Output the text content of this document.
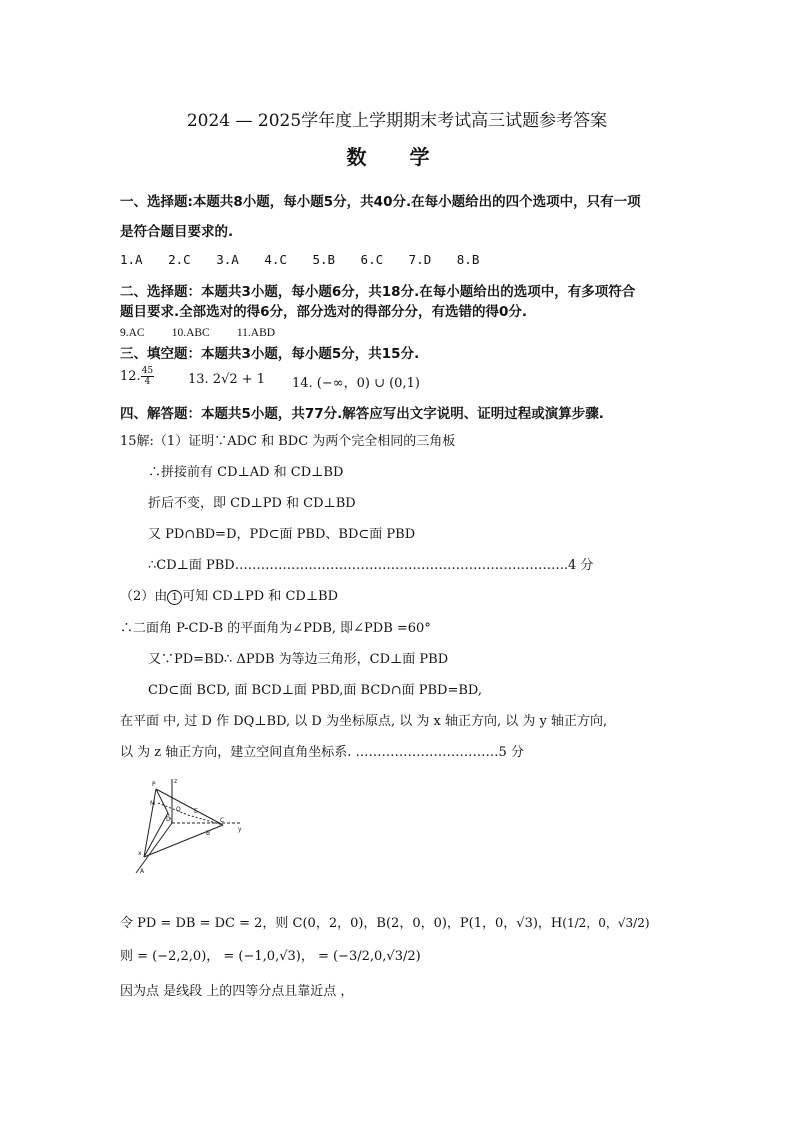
2024 — 2025学年度上学期期末考试高三试题参考答案
数 学
一、选择题:本题共8小题，每小题5分，共40分.在每小题给出的四个选项中，只有一项
是符合题目要求的.
1.A 2.C 3.A 4.C 5.B 6.C 7.D 8.B
二、选择题：本题共3小题，每小题6分，共18分.在每小题给出的选项中，有多项符合
题目要求.全部选对的得6分，部分选对的得部分分，有选错的得0分.
9.AC 10.ABC 11.ABD
三、填空题：本题共3小题，每小题5分，共15分.
12. $\frac{45}{4}$	13. 2√2 + 1 14. (−∞，0) ∪ (0,1)
四、解答题：本题共5小题，共77分.解答应写出文字说明、证明过程或演算步骤.
15解:（1）证明∵ADC 和 BDC 为两个完全相同的三角板
∴拼接前有 CD⊥AD 和 CD⊥BD
折后不变，即 CD⊥PD 和 CD⊥BD
又 PD∩BD=D，PD⊂面 PBD、BD⊂面 PBD
∴CD⊥面 PBD…………………………………………………………………..4 分
（2）由 1 可知 CD⊥PD 和 CD⊥BD
∴二面角 P-CD-B 的平面角为∠PDB, 即∠PDB =60°
又∵PD=BD∴ ΔPDB 为等边三角形，CD⊥面 PBD
CD⊂面 BCD, 面 BCD⊥面 PBD,面 BCD∩面 PBD=BD,
在平面 中, 过 D 作 DQ⊥BD, 以 D 为坐标原点, 以 为 x 轴正方向, 以 为 y 轴正方向,
以 为 z 轴正方向，建立空间直角坐标系. ……………………………5 分
P	z
M
Q
D
E
C
y
B
x
A
令 PD = DB = DC = 2，则 C(0，2，0)，B(2，0，0)，P(1，0，√3)，H(1/2，0，√3/2)
则 = (−2,2,0)， = (−1,0,√3)， = (−3/2,0,√3/2)
因为点 是线段 上的四等分点且靠近点 ，
